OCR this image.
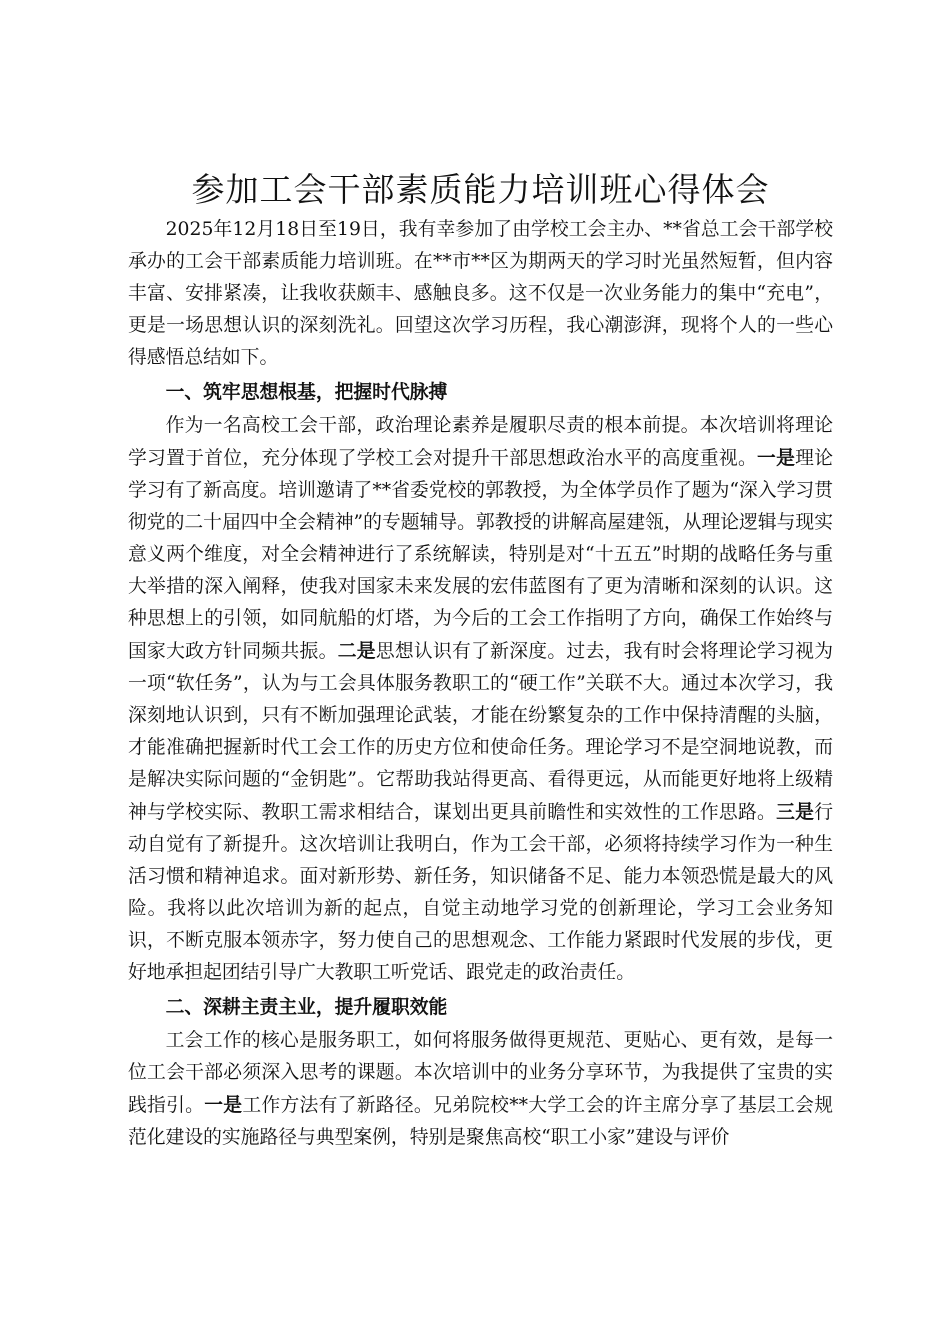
参加工会干部素质能力培训班心得体会

2025年12月18日至19日，我有幸参加了由学校工会主办、**省总工会干部学校承办的工会干部素质能力培训班。在**市**区为期两天的学习时光虽然短暂，但内容丰富、安排紧凑，让我收获颇丰、感触良多。这不仅是一次业务能力的集中“充电”，更是一场思想认识的深刻洗礼。回望这次学习历程，我心潮澎湃，现将个人的一些心得感悟总结如下。

一、筑牢思想根基，把握时代脉搏

作为一名高校工会干部，政治理论素养是履职尽责的根本前提。本次培训将理论学习置于首位，充分体现了学校工会对提升干部思想政治水平的高度重视。一是理论学习有了新高度。培训邀请了**省委党校的郭教授，为全体学员作了题为“深入学习贯彻党的二十届四中全会精神”的专题辅导。郭教授的讲解高屋建瓴，从理论逻辑与现实意义两个维度，对全会精神进行了系统解读，特别是对“十五五”时期的战略任务与重大举措的深入阐释，使我对国家未来发展的宏伟蓝图有了更为清晰和深刻的认识。这种思想上的引领，如同航船的灯塔，为今后的工会工作指明了方向，确保工作始终与国家大政方针同频共振。二是思想认识有了新深度。过去，我有时会将理论学习视为一项“软任务”，认为与工会具体服务教职工的“硬工作”关联不大。通过本次学习，我深刻地认识到，只有不断加强理论武装，才能在纷繁复杂的工作中保持清醒的头脑，才能准确把握新时代工会工作的历史方位和使命任务。理论学习不是空洞地说教，而是解决实际问题的“金钥匙”。它帮助我站得更高、看得更远，从而能更好地将上级精神与学校实际、教职工需求相结合，谋划出更具前瞻性和实效性的工作思路。三是行动自觉有了新提升。这次培训让我明白，作为工会干部，必须将持续学习作为一种生活习惯和精神追求。面对新形势、新任务，知识储备不足、能力本领恐慌是最大的风险。我将以此次培训为新的起点，自觉主动地学习党的创新理论，学习工会业务知识，不断克服本领赤字，努力使自己的思想观念、工作能力紧跟时代发展的步伐，更好地承担起团结引导广大教职工听党话、跟党走的政治责任。

二、深耕主责主业，提升履职效能

工会工作的核心是服务职工，如何将服务做得更规范、更贴心、更有效，是每一位工会干部必须深入思考的课题。本次培训中的业务分享环节，为我提供了宝贵的实践指引。一是工作方法有了新路径。兄弟院校**大学工会的许主席分享了基层工会规范化建设的实施路径与典型案例，特别是聚焦高校“职工小家”建设与评价
